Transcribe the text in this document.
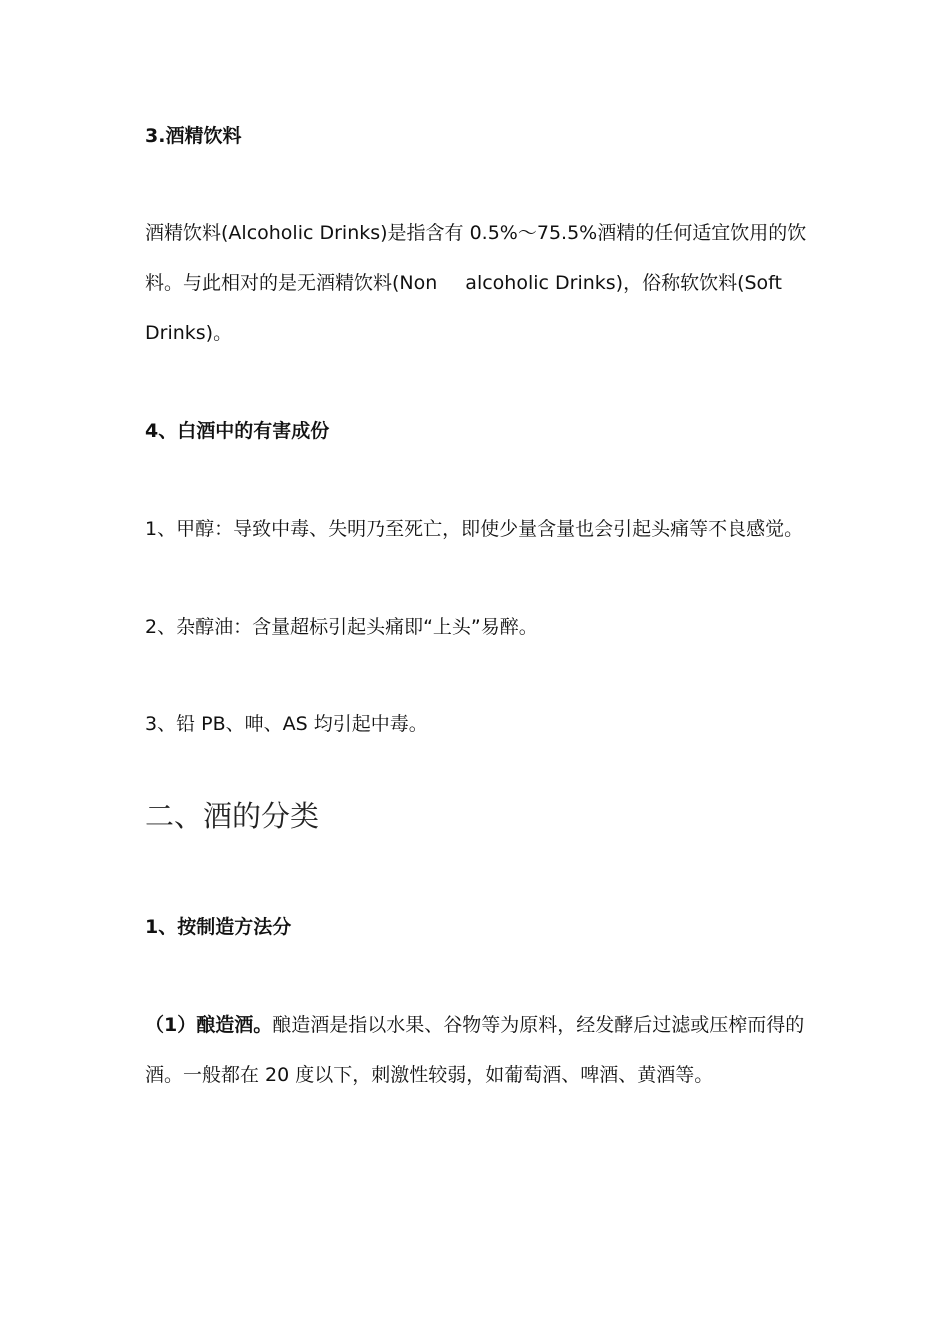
3.酒精饮料
酒精饮料(Alcoholic Drinks)是指含有 0.5%～75.5%酒精的任何适宜饮用的饮
料。与此相对的是无酒精饮料(Non alcoholic Drinks)，俗称软饮料(Soft
Drinks)。
4、白酒中的有害成份
1、甲醇：导致中毒、失明乃至死亡，即使少量含量也会引起头痛等不良感觉。
2、杂醇油：含量超标引起头痛即“上头”易醉。
3、铅 PB、呻、AS 均引起中毒。
二、酒的分类
1、按制造方法分
（1）酿造酒。酿造酒是指以水果、谷物等为原料，经发酵后过滤或压榨而得的
酒。一般都在 20 度以下，刺激性较弱，如葡萄酒、啤酒、黄酒等。
